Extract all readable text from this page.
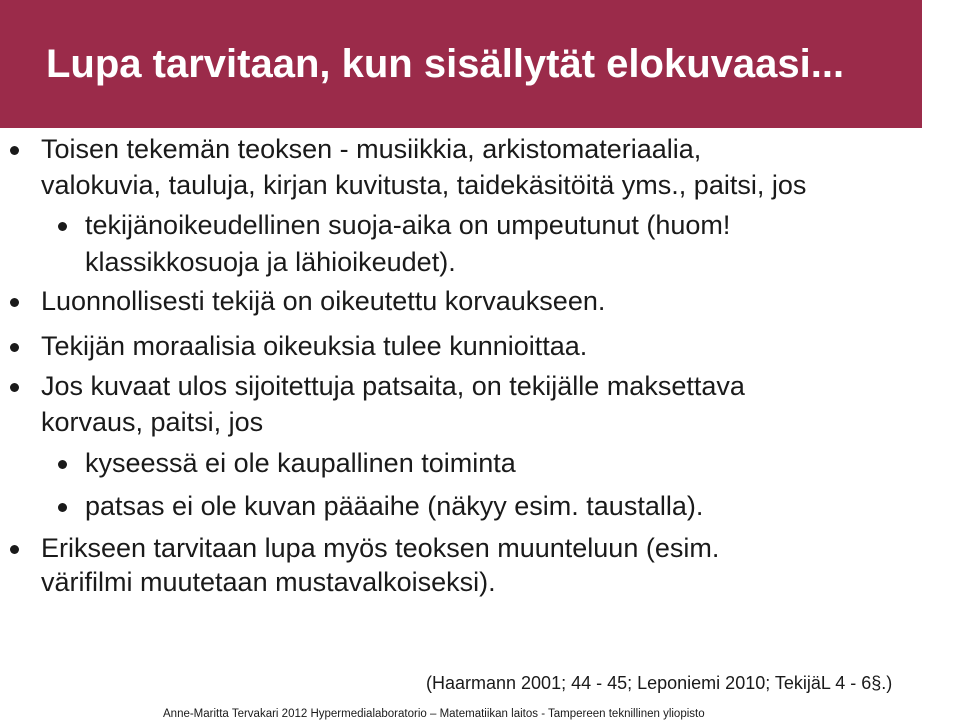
Lupa tarvitaan, kun sisällytät elokuvaasi...
Toisen tekemän teoksen - musiikkia, arkistomateriaalia,
valokuvia, tauluja, kirjan kuvitusta, taidekäsitöitä yms., paitsi, jos
tekijänoikeudellinen suoja-aika on umpeutunut (huom!
klassikkosuoja ja lähioikeudet).
Luonnollisesti tekijä on oikeutettu korvaukseen.
Tekijän moraalisia oikeuksia tulee kunnioittaa.
Jos kuvaat ulos sijoitettuja patsaita, on tekijälle maksettava
korvaus, paitsi, jos
kyseessä ei ole kaupallinen toiminta
patsas ei ole kuvan pääaihe (näkyy esim. taustalla).
Erikseen tarvitaan lupa myös teoksen muunteluun (esim.
värifilmi muutetaan mustavalkoiseksi).
(Haarmann 2001; 44 - 45; Leponiemi 2010; TekijäL 4 - 6§.)
Anne-Maritta Tervakari 2012 Hypermedialaboratorio – Matematiikan laitos - Tampereen teknillinen yliopisto
